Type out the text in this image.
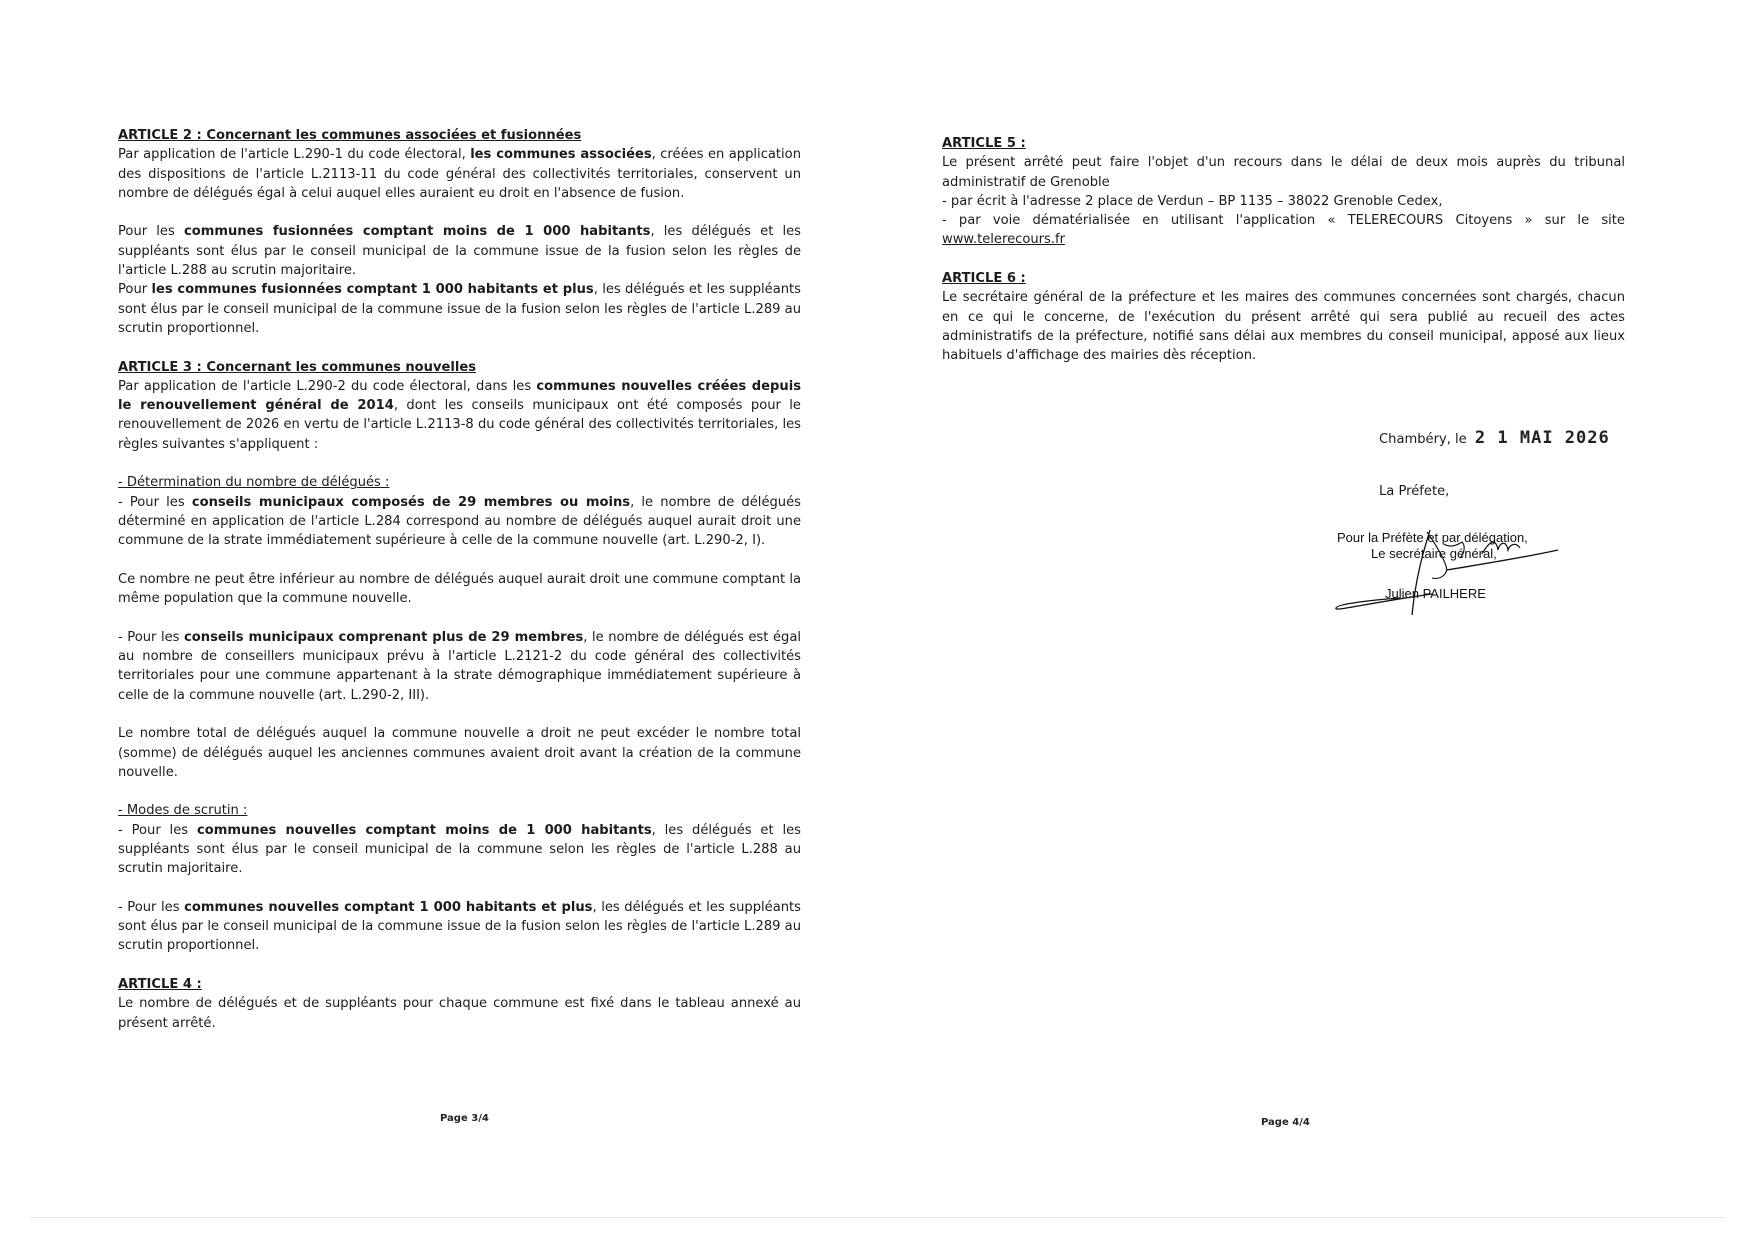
ARTICLE 2 : Concernant les communes associées et fusionnées

Par application de l'article L.290-1 du code électoral, les communes associées, créées en application des dispositions de l'article L.2113-11 du code général des collectivités territoriales, conservent un nombre de délégués égal à celui auquel elles auraient eu droit en l'absence de fusion.

Pour les communes fusionnées comptant moins de 1 000 habitants, les délégués et les suppléants sont élus par le conseil municipal de la commune issue de la fusion selon les règles de l'article L.288 au scrutin majoritaire.

Pour les communes fusionnées comptant 1 000 habitants et plus, les délégués et les suppléants sont élus par le conseil municipal de la commune issue de la fusion selon les règles de l'article L.289 au scrutin proportionnel.

ARTICLE 3 : Concernant les communes nouvelles

Par application de l'article L.290-2 du code électoral, dans les communes nouvelles créées depuis le renouvellement général de 2014, dont les conseils municipaux ont été composés pour le renouvellement de 2026 en vertu de l'article L.2113-8 du code général des collectivités territoriales, les règles suivantes s'appliquent :

- Détermination du nombre de délégués :

- Pour les conseils municipaux composés de 29 membres ou moins, le nombre de délégués déterminé en application de l'article L.284 correspond au nombre de délégués auquel aurait droit une commune de la strate immédiatement supérieure à celle de la commune nouvelle (art. L.290-2, I).

Ce nombre ne peut être inférieur au nombre de délégués auquel aurait droit une commune comptant la même population que la commune nouvelle.

- Pour les conseils municipaux comprenant plus de 29 membres, le nombre de délégués est égal au nombre de conseillers municipaux prévu à l'article L.2121-2 du code général des collectivités territoriales pour une commune appartenant à la strate démographique immédiatement supérieure à celle de la commune nouvelle (art. L.290-2, III).

Le nombre total de délégués auquel la commune nouvelle a droit ne peut excéder le nombre total (somme) de délégués auquel les anciennes communes avaient droit avant la création de la commune nouvelle.

- Modes de scrutin :

- Pour les communes nouvelles comptant moins de 1 000 habitants, les délégués et les suppléants sont élus par le conseil municipal de la commune selon les règles de l'article L.288 au scrutin majoritaire.

- Pour les communes nouvelles comptant 1 000 habitants et plus, les délégués et les suppléants sont élus par le conseil municipal de la commune issue de la fusion selon les règles de l'article L.289 au scrutin proportionnel.

ARTICLE 4 :

Le nombre de délégués et de suppléants pour chaque commune est fixé dans le tableau annexé au présent arrêté.

Page 3/4

ARTICLE 5 :

Le présent arrêté peut faire l'objet d'un recours dans le délai de deux mois auprès du tribunal administratif de Grenoble

- par écrit à l'adresse 2 place de Verdun – BP 1135 – 38022 Grenoble Cedex,

- par voie dématérialisée en utilisant l'application « TELERECOURS Citoyens » sur le site www.telerecours.fr

ARTICLE 6 :

Le secrétaire général de la préfecture et les maires des communes concernées sont chargés, chacun en ce qui le concerne, de l'exécution du présent arrêté qui sera publié au recueil des actes administratifs de la préfecture, notifié sans délai aux membres du conseil municipal, apposé aux lieux habituels d'affichage des mairies dès réception.

Chambéry, le 2 1 MAI 2026
La Préfete,
Pour la Préfète et par délégation,
Le secrétaire général,
Julien PAILHERE
Page 4/4
